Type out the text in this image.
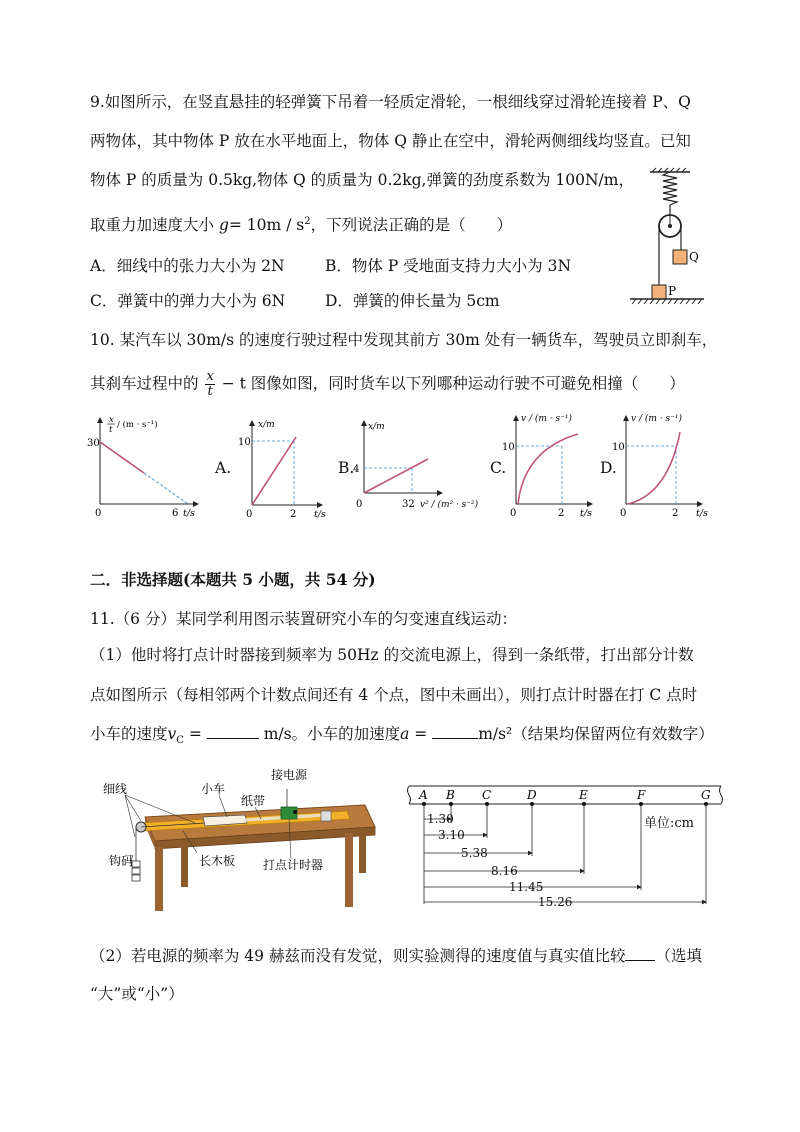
9.如图所示，在竖直悬挂的轻弹簧下吊着一轻质定滑轮，一根细线穿过滑轮连接着 P、Q
两物体，其中物体 P 放在水平地面上，物体 Q 静止在空中，滑轮两侧细线均竖直。已知
物体 P 的质量为 0.5kg,物体 Q 的质量为 0.2kg,弹簧的劲度系数为 100N/m，
取重力加速度大小 $g= 10m / s^2$，下列说法正确的是（　　）
A．细线中的张力大小为 2N	B．物体 P 受地面支持力大小为 3N
C．弹簧中的弹力大小为 6N	D．弹簧的伸长量为 5cm
Q
P
10. 某汽车以 30m/s 的速度行驶过程中发现其前方 30m 处有一辆货车，驾驶员立即刹车，
其刹车过程中的 $\frac{x}{t} - t$ 图像如图，同时货车以下列哪种运动行驶不可避免相撞（　　）
x
t / (m · s⁻¹)
30
0	6 t/s
A.
x/m
10
0	2 t/s
B.
x/m
4
0	32 v² / (m² · s⁻²)
C.
v / (m · s⁻¹)
10
0	2 t/s
D.
v / (m · s⁻¹)
10
0	2 t/s
二．非选择题(本题共 5 小题，共 54 分)
11.（6 分）某同学利用图示装置研究小车的匀变速直线运动：
（1）他时将打点计时器接到频率为 50Hz 的交流电源上，得到一条纸带，打出部分计数
点如图所示（每相邻两个计数点间还有 4 个点，图中未画出），则打点计时器在打 C 点时
小车的速度$v_C$ =	m/s。小车的加速度a =	m/s²（结果均保留两位有效数字）
细线	小车
接电源
纸带
钩码	长木板 打点计时器
A B C	D	E	F	G
1.30
3.10
5.38
8.16
11.45
15.26
单位:cm
（2）若电源的频率为 49 赫兹而没有发觉，则实验测得的速度值与真实值比较 （选填
“大”或“小”）
